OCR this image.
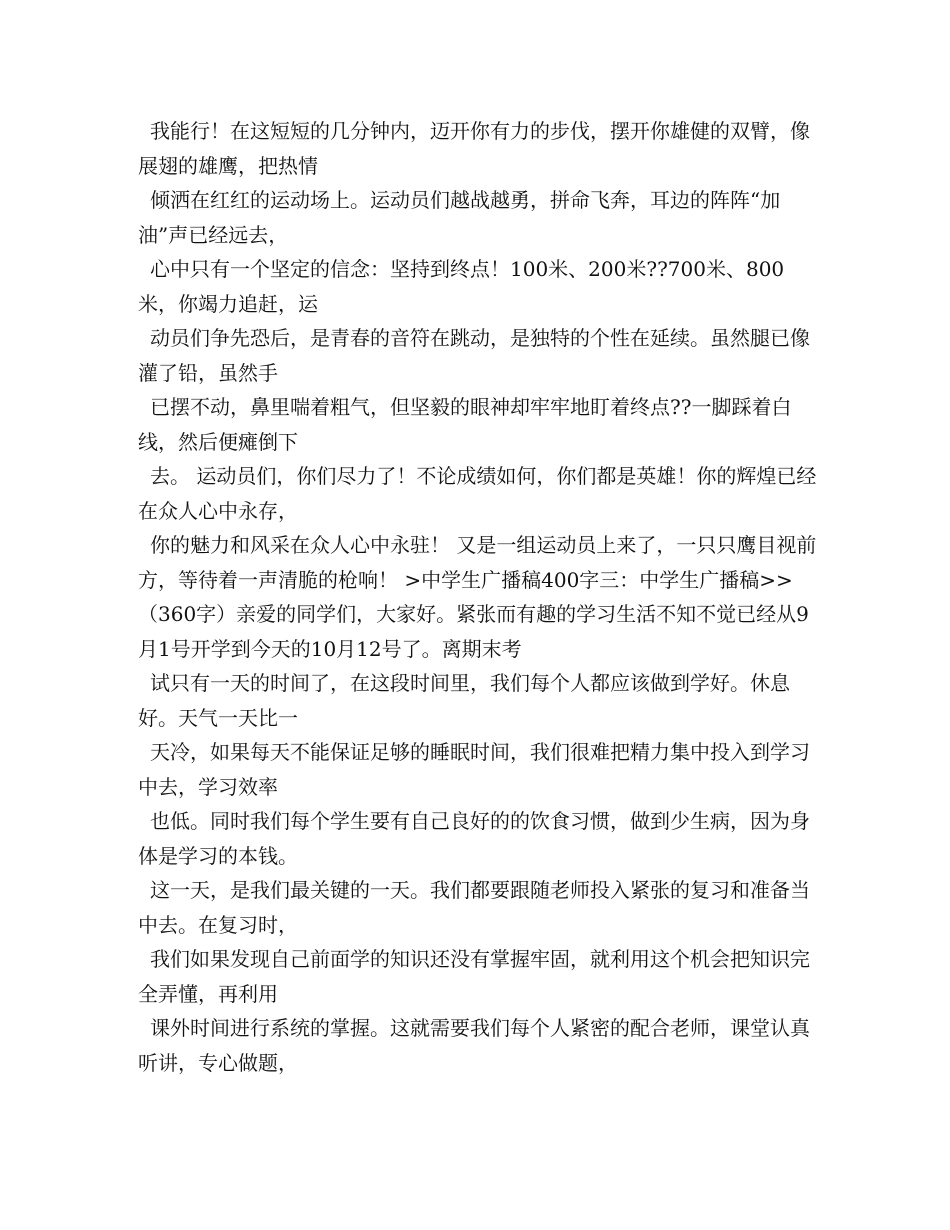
我能行！在这短短的几分钟内，迈开你有力的步伐，摆开你雄健的双臂，像展翅的雄鹰，把热情

倾洒在红红的运动场上。运动员们越战越勇，拼命飞奔，耳边的阵阵“加油”声已经远去，

心中只有一个坚定的信念：坚持到终点！100米、200米??700米、800米，你竭力追赶，运

动员们争先恐后，是青春的音符在跳动，是独特的个性在延续。虽然腿已像灌了铅，虽然手

已摆不动，鼻里喘着粗气，但坚毅的眼神却牢牢地盯着终点??一脚踩着白线，然后便瘫倒下

去。 运动员们，你们尽力了！不论成绩如何，你们都是英雄！你的辉煌已经在众人心中永存，

你的魅力和风采在众人心中永驻！ 又是一组运动员上来了，一只只鹰目视前方，等待着一声清脆的枪响！ >中学生广播稿400字三：中学生广播稿>>（360字）亲爱的同学们，大家好。紧张而有趣的学习生活不知不觉已经从9月1号开学到今天的10月12号了。离期末考

试只有一天的时间了，在这段时间里，我们每个人都应该做到学好。休息好。天气一天比一

天冷，如果每天不能保证足够的睡眠时间，我们很难把精力集中投入到学习中去，学习效率

也低。同时我们每个学生要有自己良好的的饮食习惯，做到少生病，因为身体是学习的本钱。

这一天，是我们最关键的一天。我们都要跟随老师投入紧张的复习和准备当中去。在复习时，

我们如果发现自己前面学的知识还没有掌握牢固，就利用这个机会把知识完全弄懂，再利用

课外时间进行系统的掌握。这就需要我们每个人紧密的配合老师，课堂认真听讲，专心做题，
